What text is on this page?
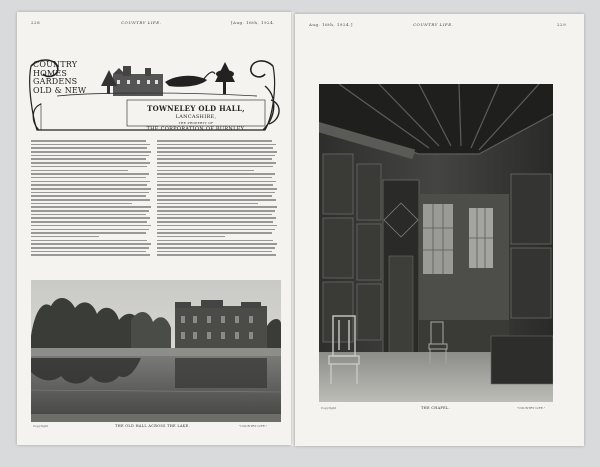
228	COUNTRY LIFE.	[Aug. 16th, 1924.
COUNTRY
HOMES
GARDENS
OLD & NEW
TOWNELEY OLD HALL,
LANCASHIRE,
THE PROPERTY OF
THE CORPORATION OF BURNLEY.
Copyright	THE OLD HALL ACROSS THE LAKE.	"COUNTRY LIFE."
Aug. 16th, 1924.]	COUNTRY LIFE.	229
Copyright	THE CHAPEL.	"COUNTRY LIFE."
